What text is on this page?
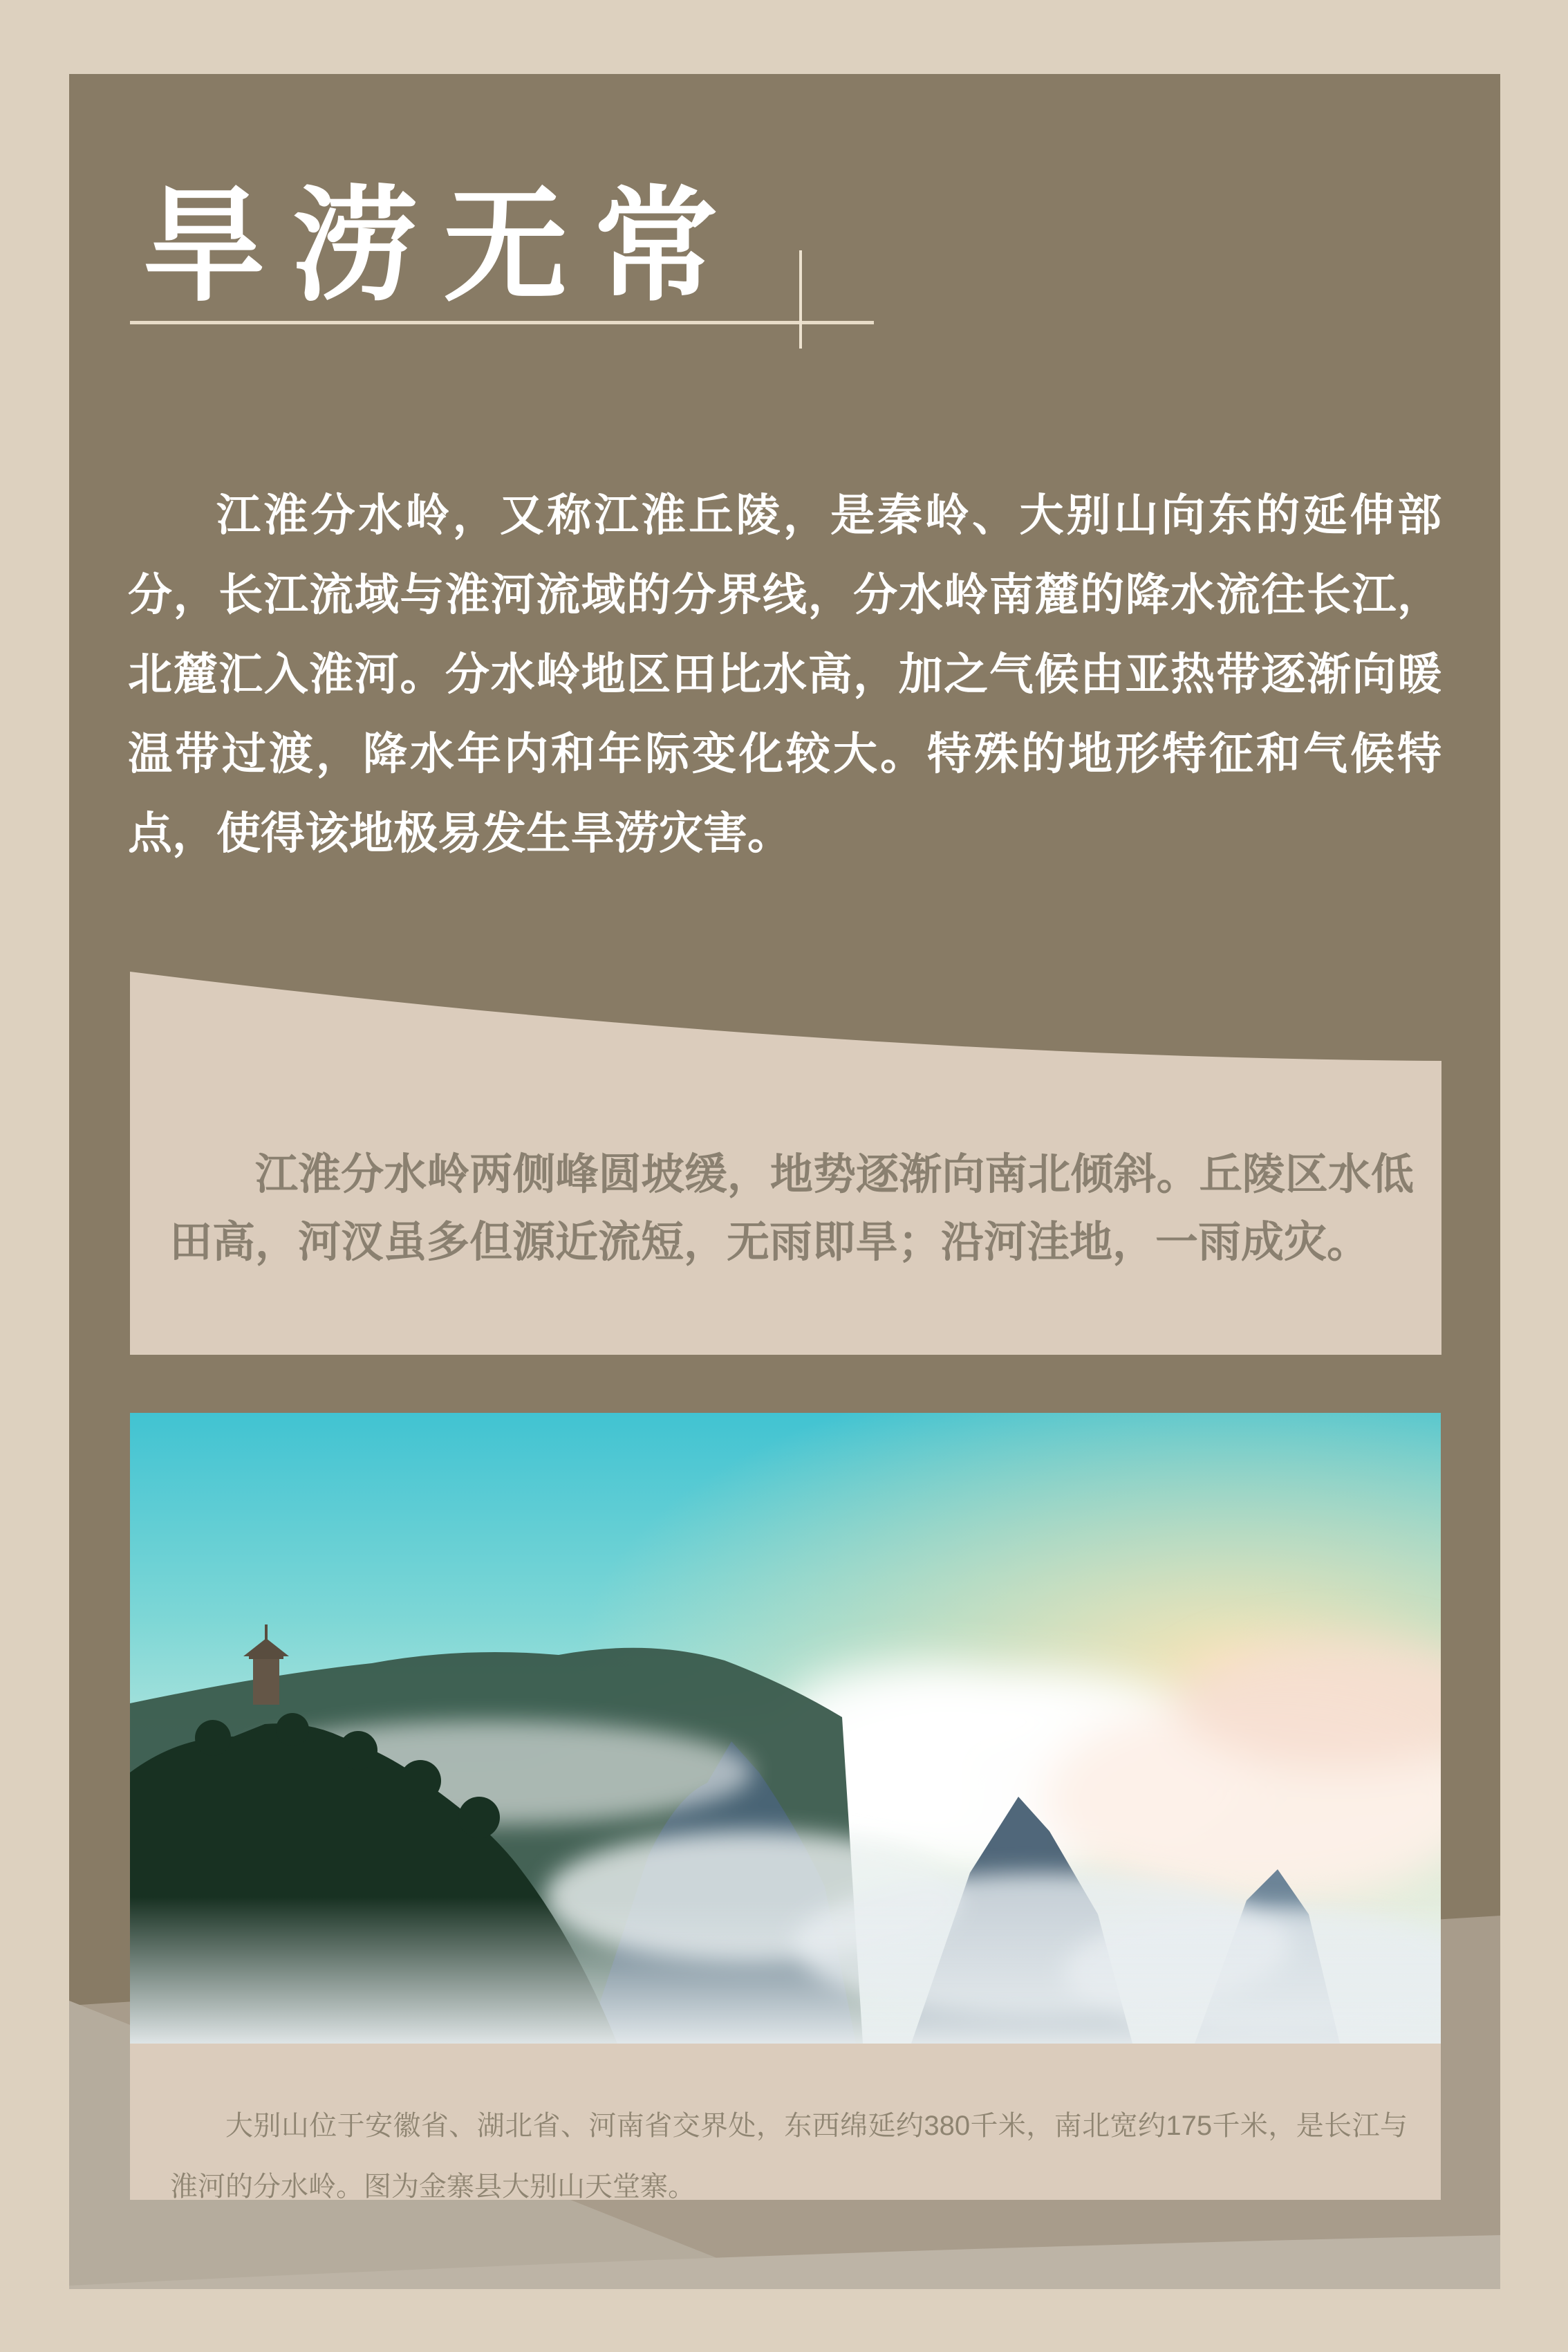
旱涝无常
江淮分水岭，又称江淮丘陵，是秦岭、大别山向东的延伸部
分，长江流域与淮河流域的分界线，分水岭南麓的降水流往长江，
北麓汇入淮河。分水岭地区田比水高，加之气候由亚热带逐渐向暖
温带过渡，降水年内和年际变化较大。特殊的地形特征和气候特
点，使得该地极易发生旱涝灾害。
江淮分水岭两侧峰圆坡缓，地势逐渐向南北倾斜。丘陵区水低
田高，河汊虽多但源近流短，无雨即旱；沿河洼地，一雨成灾。

大别山位于安徽省、湖北省、河南省交界处，东西绵延约380千米，南北宽约175千米，是长江与淮河的分水岭。图为金寨县大别山天堂寨。
